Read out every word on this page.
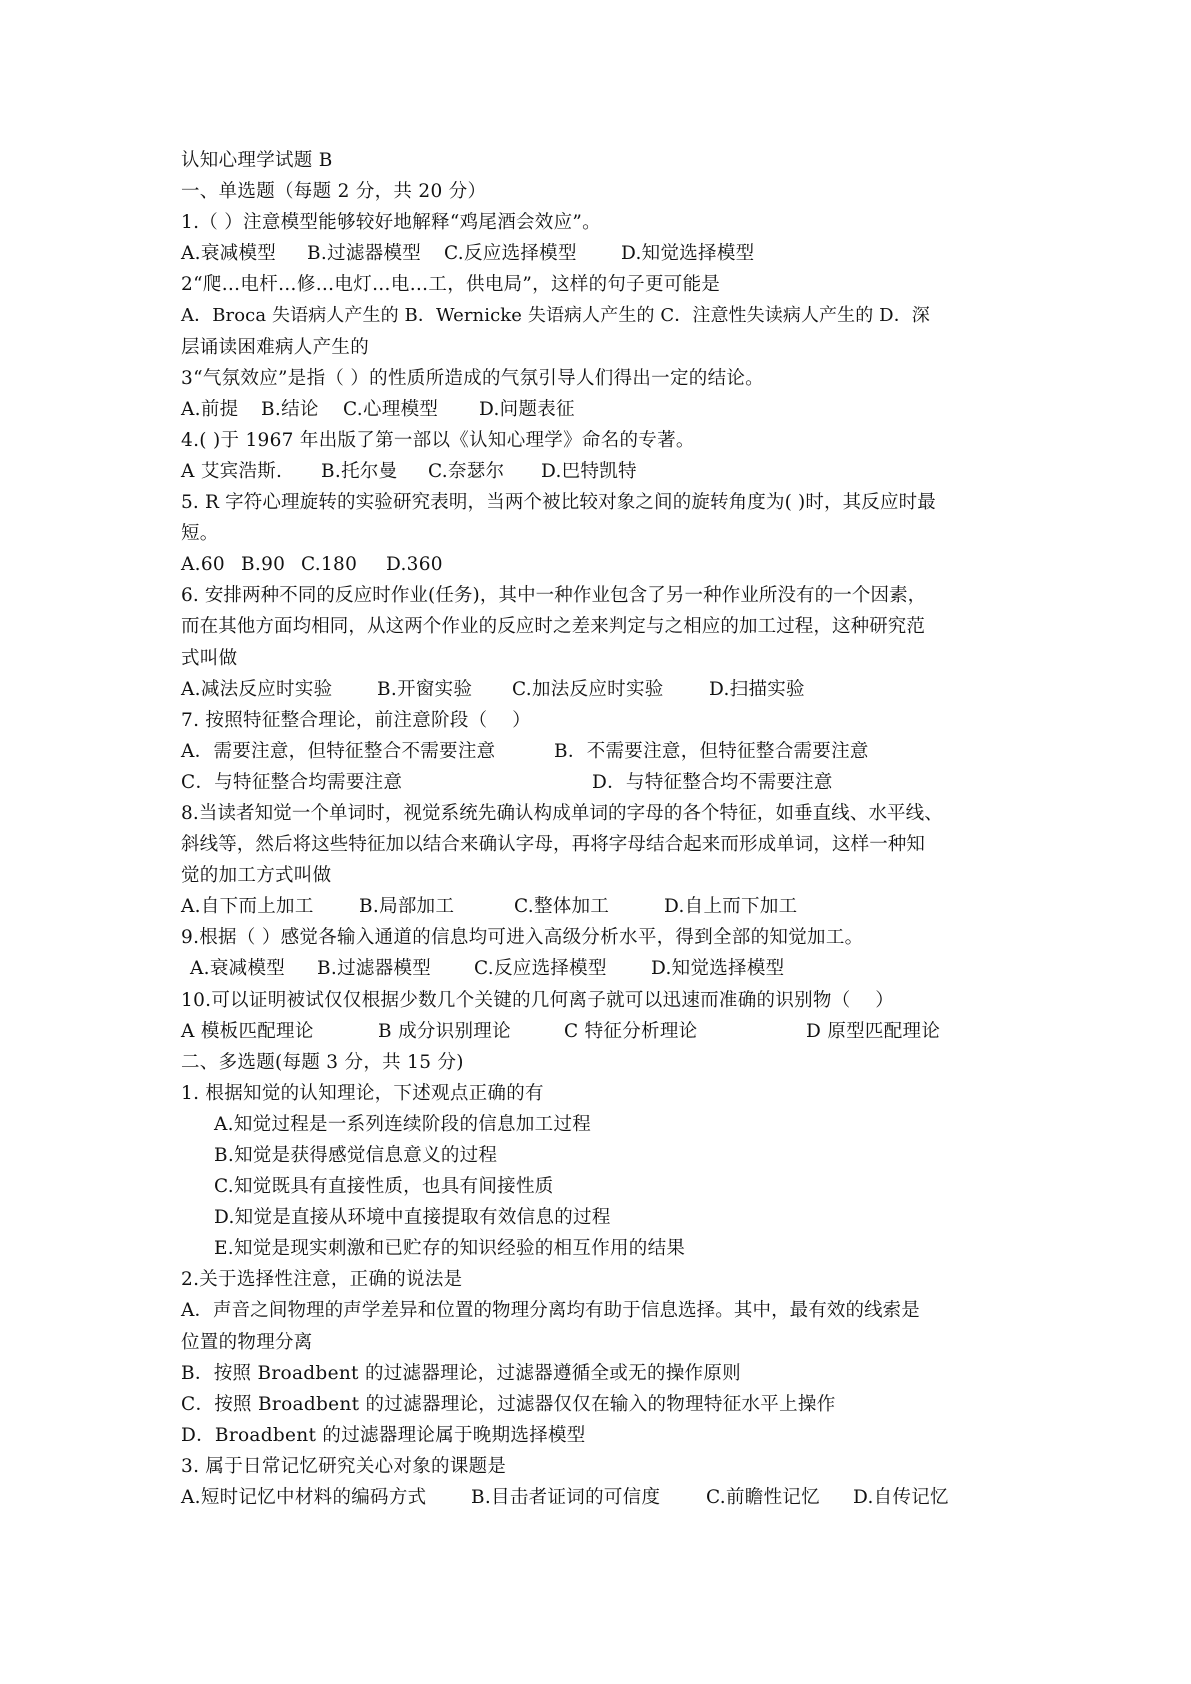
认知心理学试题 B
一、单选题（每题 2 分，共 20 分）
1.（ ）注意模型能够较好地解释“鸡尾酒会效应”。
A.衰减模型 B.过滤器模型 C.反应选择模型 D.知觉选择模型
2“爬…电杆…修…电灯…电…工，供电局”，这样的句子更可能是
A．Broca 失语病人产生的 B．Wernicke 失语病人产生的 C．注意性失读病人产生的 D．深
层诵读困难病人产生的
3“气氛效应”是指（ ）的性质所造成的气氛引导人们得出一定的结论。
A.前提 B.结论 C.心理模型 D.问题表征
4.( )于 1967 年出版了第一部以《认知心理学》命名的专著。
A 艾宾浩斯. B.托尔曼 C.奈瑟尔 D.巴特凯特
5. R 字符心理旋转的实验研究表明，当两个被比较对象之间的旋转角度为( )时，其反应时最
短。
A.60 B.90 C.180 D.360
6. 安排两种不同的反应时作业(任务)，其中一种作业包含了另一种作业所没有的一个因素，
而在其他方面均相同，从这两个作业的反应时之差来判定与之相应的加工过程，这种研究范
式叫做
A.减法反应时实验 B.开窗实验 C.加法反应时实验 D.扫描实验
7. 按照特征整合理论，前注意阶段（    ）
A．需要注意，但特征整合不需要注意	B．不需要注意，但特征整合需要注意
C．与特征整合均需要注意	D．与特征整合均不需要注意
8.当读者知觉一个单词时，视觉系统先确认构成单词的字母的各个特征，如垂直线、水平线、
斜线等，然后将这些特征加以结合来确认字母，再将字母结合起来而形成单词，这样一种知
觉的加工方式叫做
A.自下而上加工 B.局部加工	C.整体加工	D.自上而下加工
9.根据（ ）感觉各输入通道的信息均可进入高级分析水平，得到全部的知觉加工。
A.衰减模型 B.过滤器模型 C.反应选择模型 D.知觉选择模型
10.可以证明被试仅仅根据少数几个关键的几何离子就可以迅速而准确的识别物（    ）
A 模板匹配理论	B 成分识别理论	C 特征分析理论	D 原型匹配理论
二、多选题(每题 3 分，共 15 分)
1. 根据知觉的认知理论，下述观点正确的有
A.知觉过程是一系列连续阶段的信息加工过程
B.知觉是获得感觉信息意义的过程
C.知觉既具有直接性质，也具有间接性质
D.知觉是直接从环境中直接提取有效信息的过程
E.知觉是现实刺激和已贮存的知识经验的相互作用的结果
2.关于选择性注意，正确的说法是
A．声音之间物理的声学差异和位置的物理分离均有助于信息选择。其中，最有效的线索是
位置的物理分离
B．按照 Broadbent 的过滤器理论，过滤器遵循全或无的操作原则
C．按照 Broadbent 的过滤器理论，过滤器仅仅在输入的物理特征水平上操作
D．Broadbent 的过滤器理论属于晚期选择模型
3. 属于日常记忆研究关心对象的课题是
A.短时记忆中材料的编码方式 B.目击者证词的可信度 C.前瞻性记忆 D.自传记忆
